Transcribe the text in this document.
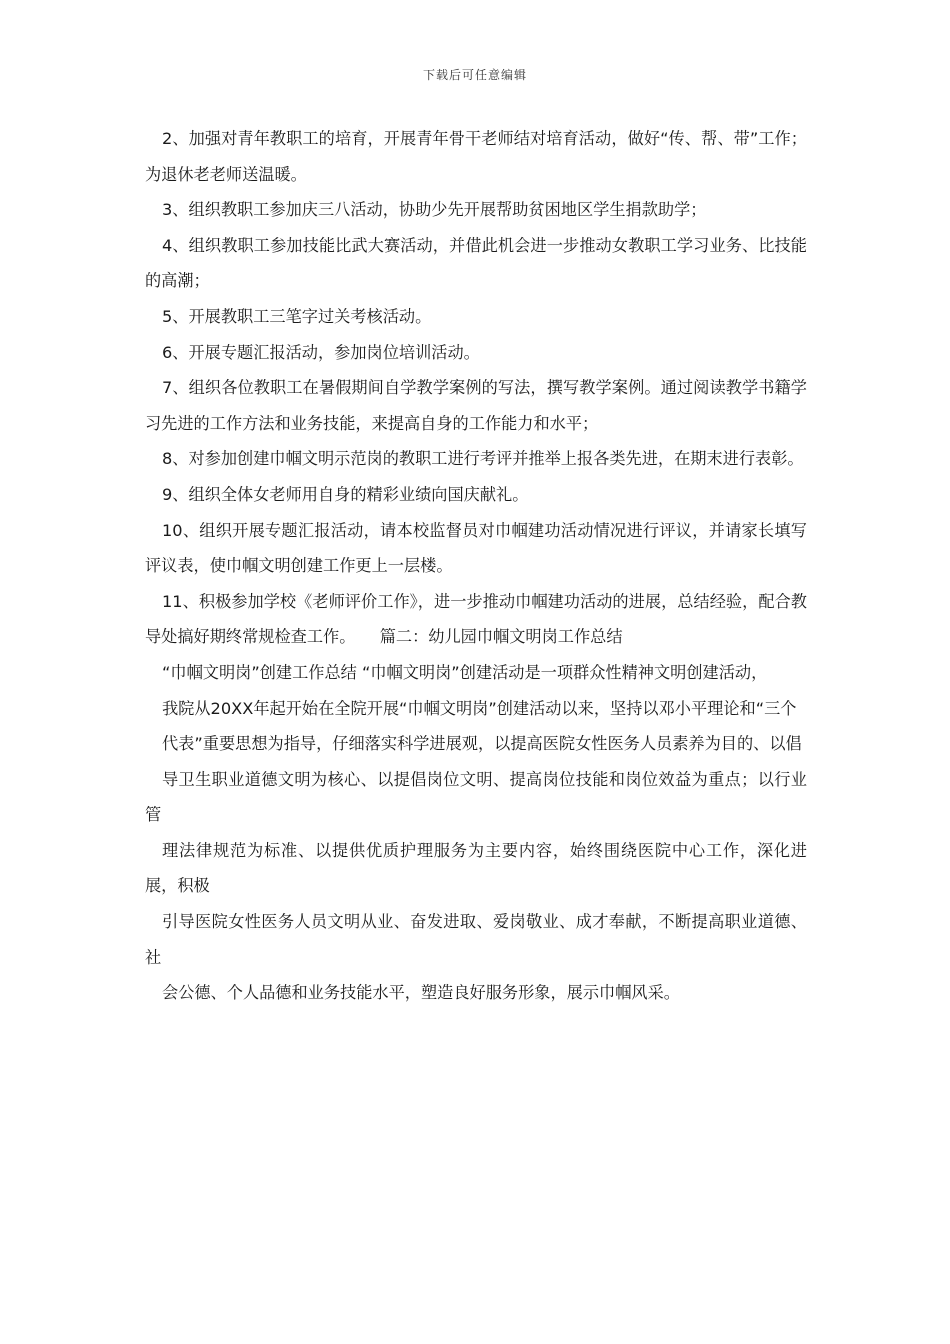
下载后可任意编辑

2、加强对青年教职工的培育，开展青年骨干老师结对培育活动，做好“传、帮、带”工作；为退休老老师送温暖。

3、组织教职工参加庆三八活动，协助少先开展帮助贫困地区学生捐款助学；

4、组织教职工参加技能比武大赛活动，并借此机会进一步推动女教职工学习业务、比技能的高潮；

5、开展教职工三笔字过关考核活动。

6、开展专题汇报活动，参加岗位培训活动。

7、组织各位教职工在暑假期间自学教学案例的写法，撰写教学案例。通过阅读教学书籍学习先进的工作方法和业务技能，来提高自身的工作能力和水平；

8、对参加创建巾帼文明示范岗的教职工进行考评并推举上报各类先进，在期末进行表彰。

9、组织全体女老师用自身的精彩业绩向国庆献礼。

10、组织开展专题汇报活动，请本校监督员对巾帼建功活动情况进行评议，并请家长填写评议表，使巾帼文明创建工作更上一层楼。

11、积极参加学校《老师评价工作》，进一步推动巾帼建功活动的进展，总结经验，配合教导处搞好期终常规检查工作。　　篇二：幼儿园巾帼文明岗工作总结

“巾帼文明岗”创建工作总结 “巾帼文明岗”创建活动是一项群众性精神文明创建活动，

我院从20XX年起开始在全院开展“巾帼文明岗”创建活动以来，坚持以邓小平理论和“三个

代表”重要思想为指导，仔细落实科学进展观，以提高医院女性医务人员素养为目的、以倡

导卫生职业道德文明为核心、以提倡岗位文明、提高岗位技能和岗位效益为重点；以行业管

理法律规范为标准、以提供优质护理服务为主要内容，始终围绕医院中心工作，深化进展，积极

引导医院女性医务人员文明从业、奋发进取、爱岗敬业、成才奉献，不断提高职业道德、社

会公德、个人品德和业务技能水平，塑造良好服务形象，展示巾帼风采。
